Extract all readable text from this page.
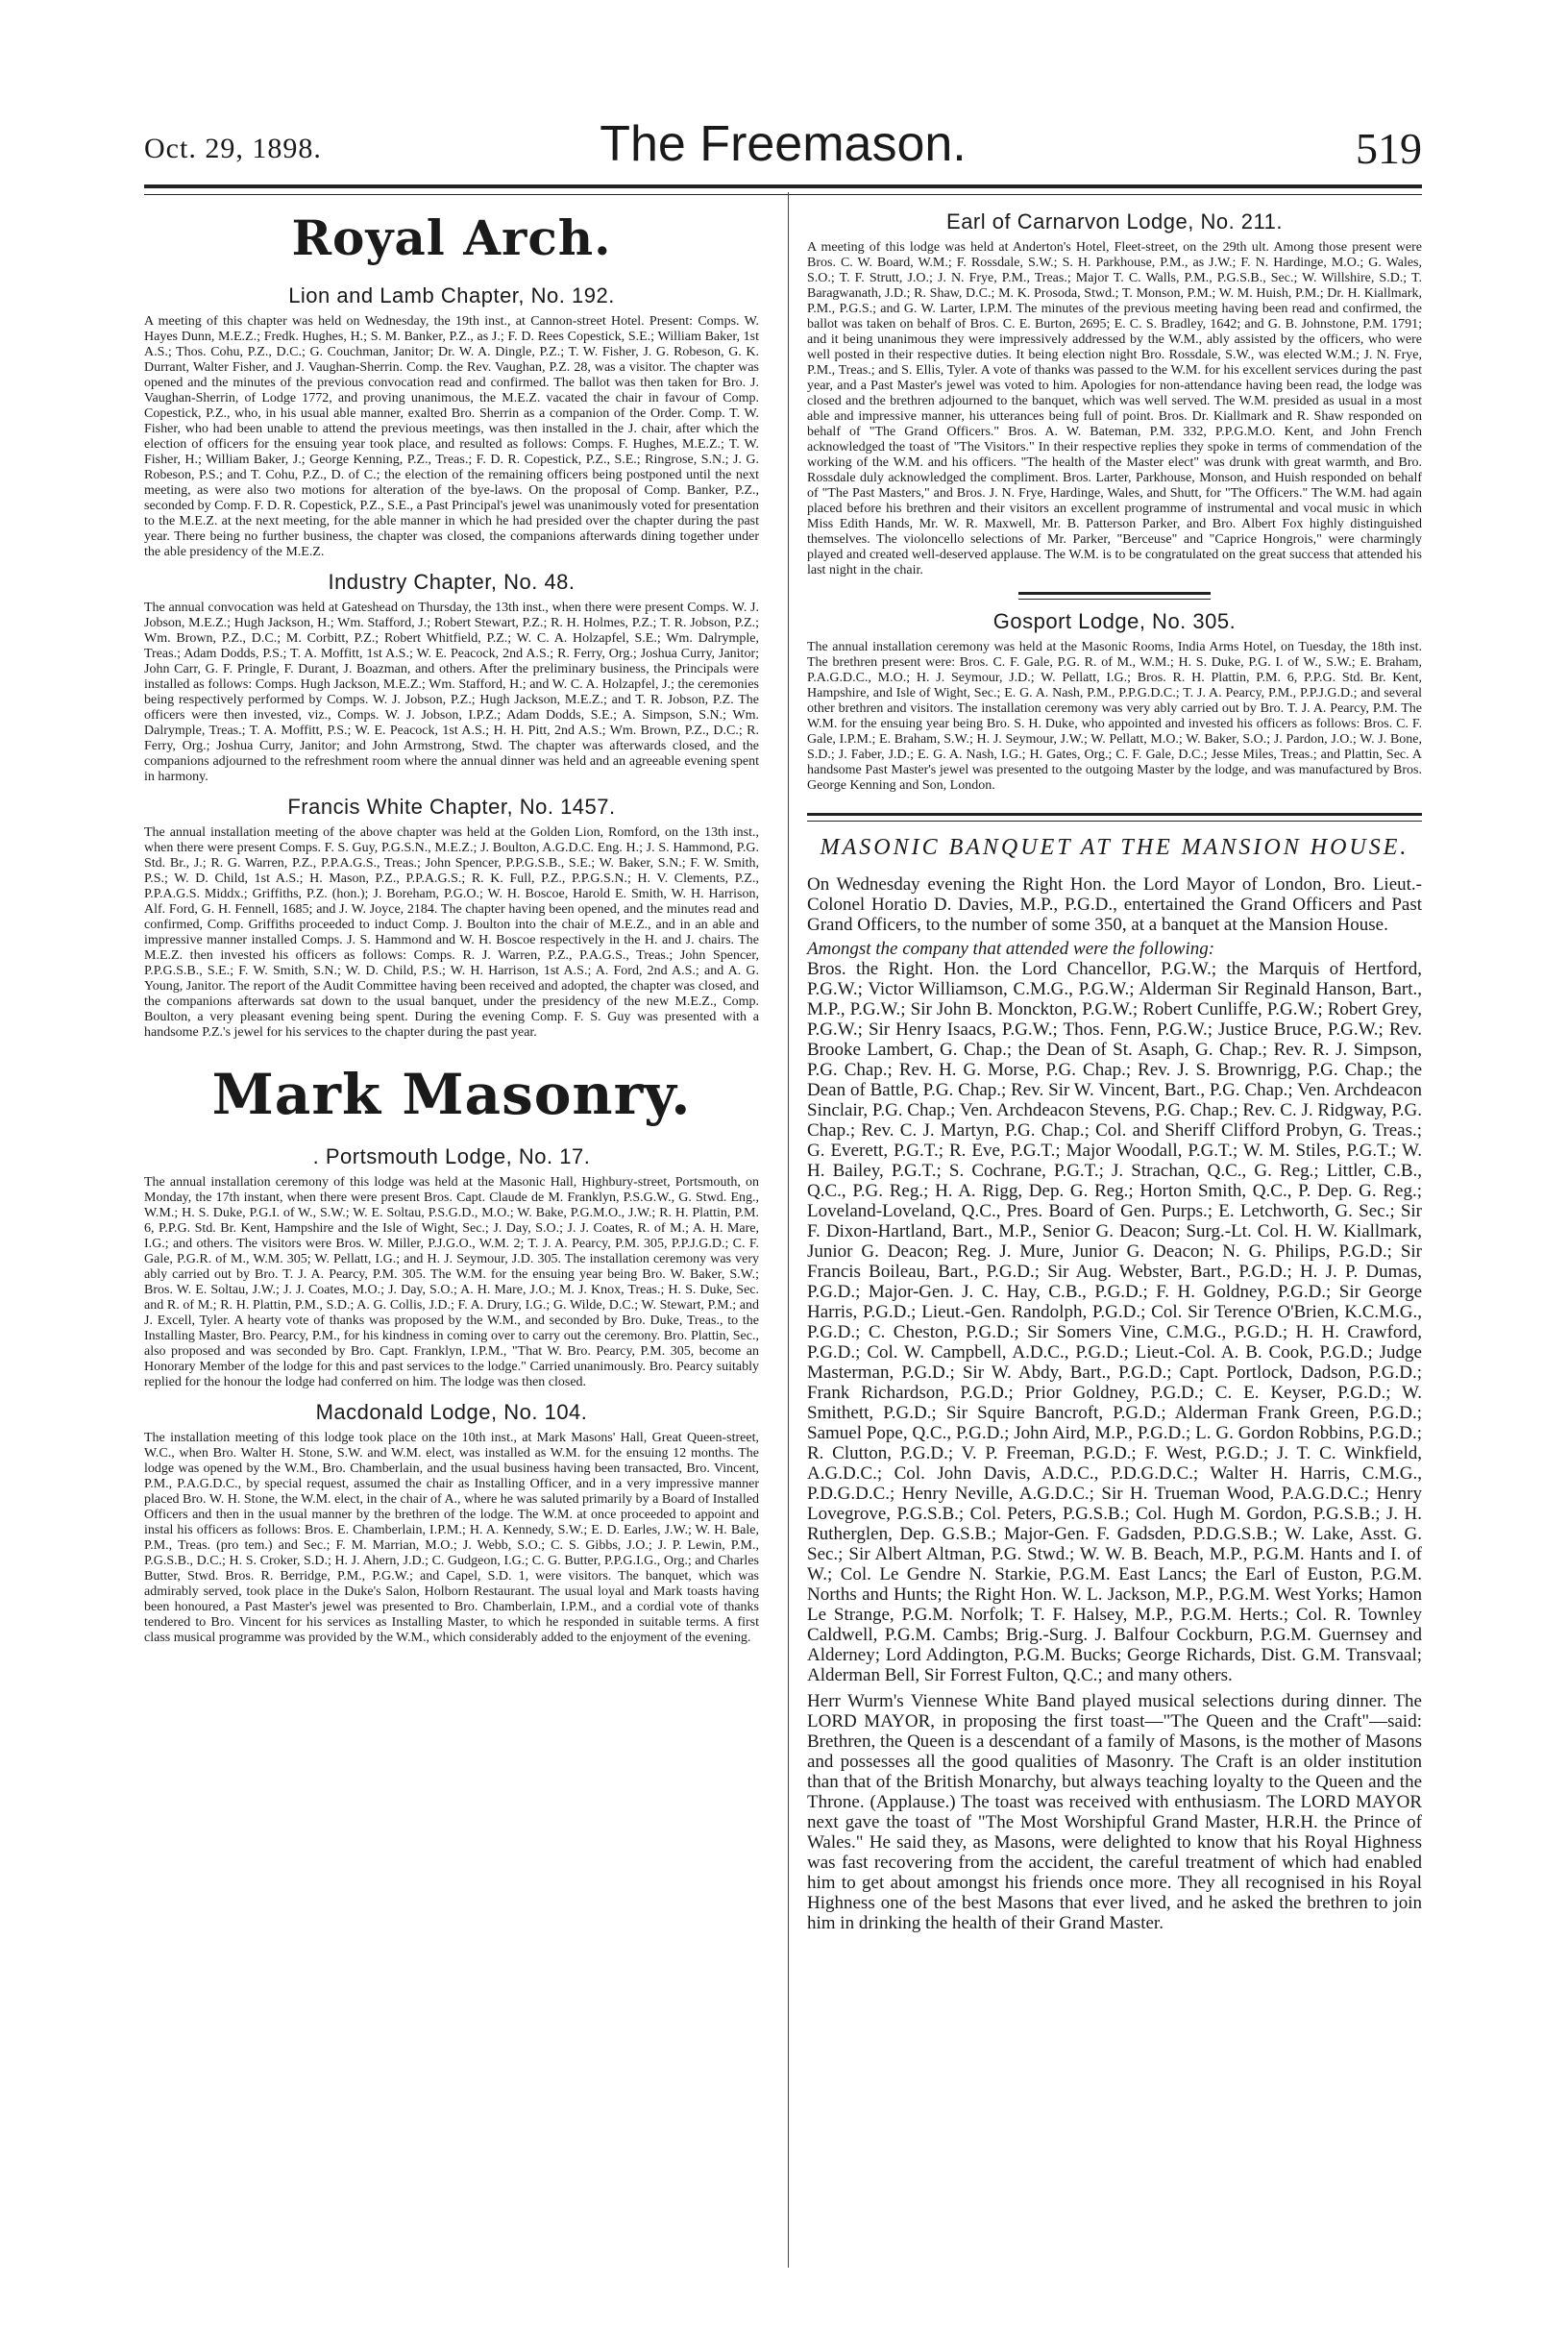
Oct. 29, 1898.	The Freemason.	519
Royal Arch.
Lion and Lamb Chapter, No. 192.

A meeting of this chapter was held on Wednesday, the 19th inst., at Cannon-street Hotel. Present: Comps. W. Hayes Dunn, M.E.Z.; Fredk. Hughes, H.; S. M. Banker, P.Z., as J.; F. D. Rees Copestick, S.E.; William Baker, 1st A.S.; Thos. Cohu, P.Z., D.C.; G. Couchman, Janitor; Dr. W. A. Dingle, P.Z.; T. W. Fisher, J. G. Robeson, G. K. Durrant, Walter Fisher, and J. Vaughan-Sherrin. Comp. the Rev. Vaughan, P.Z. 28, was a visitor. The chapter was opened and the minutes of the previous convocation read and confirmed. The ballot was then taken for Bro. J. Vaughan-Sherrin, of Lodge 1772, and proving unanimous, the M.E.Z. vacated the chair in favour of Comp. Copestick, P.Z., who, in his usual able manner, exalted Bro. Sherrin as a companion of the Order. Comp. T. W. Fisher, who had been unable to attend the previous meetings, was then installed in the J. chair, after which the election of officers for the ensuing year took place, and resulted as follows: Comps. F. Hughes, M.E.Z.; T. W. Fisher, H.; William Baker, J.; George Kenning, P.Z., Treas.; F. D. R. Copestick, P.Z., S.E.; Ringrose, S.N.; J. G. Robeson, P.S.; and T. Cohu, P.Z., D. of C.; the election of the remaining officers being postponed until the next meeting, as were also two motions for alteration of the bye-laws. On the proposal of Comp. Banker, P.Z., seconded by Comp. F. D. R. Copestick, P.Z., S.E., a Past Principal's jewel was unanimously voted for presentation to the M.E.Z. at the next meeting, for the able manner in which he had presided over the chapter during the past year. There being no further business, the chapter was closed, the companions afterwards dining together under the able presidency of the M.E.Z.

Industry Chapter, No. 48.

The annual convocation was held at Gateshead on Thursday, the 13th inst., when there were present Comps. W. J. Jobson, M.E.Z.; Hugh Jackson, H.; Wm. Stafford, J.; Robert Stewart, P.Z.; R. H. Holmes, P.Z.; T. R. Jobson, P.Z.; Wm. Brown, P.Z., D.C.; M. Corbitt, P.Z.; Robert Whitfield, P.Z.; W. C. A. Holzapfel, S.E.; Wm. Dalrymple, Treas.; Adam Dodds, P.S.; T. A. Moffitt, 1st A.S.; W. E. Peacock, 2nd A.S.; R. Ferry, Org.; Joshua Curry, Janitor; John Carr, G. F. Pringle, F. Durant, J. Boazman, and others. After the preliminary business, the Principals were installed as follows: Comps. Hugh Jackson, M.E.Z.; Wm. Stafford, H.; and W. C. A. Holzapfel, J.; the ceremonies being respectively performed by Comps. W. J. Jobson, P.Z.; Hugh Jackson, M.E.Z.; and T. R. Jobson, P.Z. The officers were then invested, viz., Comps. W. J. Jobson, I.P.Z.; Adam Dodds, S.E.; A. Simpson, S.N.; Wm. Dalrymple, Treas.; T. A. Moffitt, P.S.; W. E. Peacock, 1st A.S.; H. H. Pitt, 2nd A.S.; Wm. Brown, P.Z., D.C.; R. Ferry, Org.; Joshua Curry, Janitor; and John Armstrong, Stwd. The chapter was afterwards closed, and the companions adjourned to the refreshment room where the annual dinner was held and an agreeable evening spent in harmony.

Francis White Chapter, No. 1457.

The annual installation meeting of the above chapter was held at the Golden Lion, Romford, on the 13th inst., when there were present Comps. F. S. Guy, P.G.S.N., M.E.Z.; J. Boulton, A.G.D.C. Eng. H.; J. S. Hammond, P.G. Std. Br., J.; R. G. Warren, P.Z., P.P.A.G.S., Treas.; John Spencer, P.P.G.S.B., S.E.; W. Baker, S.N.; F. W. Smith, P.S.; W. D. Child, 1st A.S.; H. Mason, P.Z., P.P.A.G.S.; R. K. Full, P.Z., P.P.G.S.N.; H. V. Clements, P.Z., P.P.A.G.S. Middx.; Griffiths, P.Z. (hon.); J. Boreham, P.G.O.; W. H. Boscoe, Harold E. Smith, W. H. Harrison, Alf. Ford, G. H. Fennell, 1685; and J. W. Joyce, 2184. The chapter having been opened, and the minutes read and confirmed, Comp. Griffiths proceeded to induct Comp. J. Boulton into the chair of M.E.Z., and in an able and impressive manner installed Comps. J. S. Hammond and W. H. Boscoe respectively in the H. and J. chairs. The M.E.Z. then invested his officers as follows: Comps. R. J. Warren, P.Z., P.A.G.S., Treas.; John Spencer, P.P.G.S.B., S.E.; F. W. Smith, S.N.; W. D. Child, P.S.; W. H. Harrison, 1st A.S.; A. Ford, 2nd A.S.; and A. G. Young, Janitor. The report of the Audit Committee having been received and adopted, the chapter was closed, and the companions afterwards sat down to the usual banquet, under the presidency of the new M.E.Z., Comp. Boulton, a very pleasant evening being spent. During the evening Comp. F. S. Guy was presented with a handsome P.Z.'s jewel for his services to the chapter during the past year.

Mark Masonry.
. Portsmouth Lodge, No. 17.

The annual installation ceremony of this lodge was held at the Masonic Hall, Highbury-street, Portsmouth, on Monday, the 17th instant, when there were present Bros. Capt. Claude de M. Franklyn, P.S.G.W., G. Stwd. Eng., W.M.; H. S. Duke, P.G.I. of W., S.W.; W. E. Soltau, P.S.G.D., M.O.; W. Bake, P.G.M.O., J.W.; R. H. Plattin, P.M. 6, P.P.G. Std. Br. Kent, Hampshire and the Isle of Wight, Sec.; J. Day, S.O.; J. J. Coates, R. of M.; A. H. Mare, I.G.; and others. The visitors were Bros. W. Miller, P.J.G.O., W.M. 2; T. J. A. Pearcy, P.M. 305, P.P.J.G.D.; C. F. Gale, P.G.R. of M., W.M. 305; W. Pellatt, I.G.; and H. J. Seymour, J.D. 305. The installation ceremony was very ably carried out by Bro. T. J. A. Pearcy, P.M. 305. The W.M. for the ensuing year being Bro. W. Baker, S.W.; Bros. W. E. Soltau, J.W.; J. J. Coates, M.O.; J. Day, S.O.; A. H. Mare, J.O.; M. J. Knox, Treas.; H. S. Duke, Sec. and R. of M.; R. H. Plattin, P.M., S.D.; A. G. Collis, J.D.; F. A. Drury, I.G.; G. Wilde, D.C.; W. Stewart, P.M.; and J. Excell, Tyler. A hearty vote of thanks was proposed by the W.M., and seconded by Bro. Duke, Treas., to the Installing Master, Bro. Pearcy, P.M., for his kindness in coming over to carry out the ceremony. Bro. Plattin, Sec., also proposed and was seconded by Bro. Capt. Franklyn, I.P.M., "That W. Bro. Pearcy, P.M. 305, become an Honorary Member of the lodge for this and past services to the lodge." Carried unanimously. Bro. Pearcy suitably replied for the honour the lodge had conferred on him. The lodge was then closed.

Macdonald Lodge, No. 104.

The installation meeting of this lodge took place on the 10th inst., at Mark Masons' Hall, Great Queen-street, W.C., when Bro. Walter H. Stone, S.W. and W.M. elect, was installed as W.M. for the ensuing 12 months. The lodge was opened by the W.M., Bro. Chamberlain, and the usual business having been transacted, Bro. Vincent, P.M., P.A.G.D.C., by special request, assumed the chair as Installing Officer, and in a very impressive manner placed Bro. W. H. Stone, the W.M. elect, in the chair of A., where he was saluted primarily by a Board of Installed Officers and then in the usual manner by the brethren of the lodge. The W.M. at once proceeded to appoint and instal his officers as follows: Bros. E. Chamberlain, I.P.M.; H. A. Kennedy, S.W.; E. D. Earles, J.W.; W. H. Bale, P.M., Treas. (pro tem.) and Sec.; F. M. Marrian, M.O.; J. Webb, S.O.; C. S. Gibbs, J.O.; J. P. Lewin, P.M., P.G.S.B., D.C.; H. S. Croker, S.D.; H. J. Ahern, J.D.; C. Gudgeon, I.G.; C. G. Butter, P.P.G.I.G., Org.; and Charles Butter, Stwd. Bros. R. Berridge, P.M., P.G.W.; and Capel, S.D. 1, were visitors. The banquet, which was admirably served, took place in the Duke's Salon, Holborn Restaurant. The usual loyal and Mark toasts having been honoured, a Past Master's jewel was presented to Bro. Chamberlain, I.P.M., and a cordial vote of thanks tendered to Bro. Vincent for his services as Installing Master, to which he responded in suitable terms. A first class musical programme was provided by the W.M., which considerably added to the enjoyment of the evening.

Earl of Carnarvon Lodge, No. 211.

A meeting of this lodge was held at Anderton's Hotel, Fleet-street, on the 29th ult. Among those present were Bros. C. W. Board, W.M.; F. Rossdale, S.W.; S. H. Parkhouse, P.M., as J.W.; F. N. Hardinge, M.O.; G. Wales, S.O.; T. F. Strutt, J.O.; J. N. Frye, P.M., Treas.; Major T. C. Walls, P.M., P.G.S.B., Sec.; W. Willshire, S.D.; T. Baragwanath, J.D.; R. Shaw, D.C.; M. K. Prosoda, Stwd.; T. Monson, P.M.; W. M. Huish, P.M.; Dr. H. Kiallmark, P.M., P.G.S.; and G. W. Larter, I.P.M. The minutes of the previous meeting having been read and confirmed, the ballot was taken on behalf of Bros. C. E. Burton, 2695; E. C. S. Bradley, 1642; and G. B. Johnstone, P.M. 1791; and it being unanimous they were impressively addressed by the W.M., ably assisted by the officers, who were well posted in their respective duties. It being election night Bro. Rossdale, S.W., was elected W.M.; J. N. Frye, P.M., Treas.; and S. Ellis, Tyler. A vote of thanks was passed to the W.M. for his excellent services during the past year, and a Past Master's jewel was voted to him. Apologies for non-attendance having been read, the lodge was closed and the brethren adjourned to the banquet, which was well served. The W.M. presided as usual in a most able and impressive manner, his utterances being full of point. Bros. Dr. Kiallmark and R. Shaw responded on behalf of "The Grand Officers." Bros. A. W. Bateman, P.M. 332, P.P.G.M.O. Kent, and John French acknowledged the toast of "The Visitors." In their respective replies they spoke in terms of commendation of the working of the W.M. and his officers. "The health of the Master elect" was drunk with great warmth, and Bro. Rossdale duly acknowledged the compliment. Bros. Larter, Parkhouse, Monson, and Huish responded on behalf of "The Past Masters," and Bros. J. N. Frye, Hardinge, Wales, and Shutt, for "The Officers." The W.M. had again placed before his brethren and their visitors an excellent programme of instrumental and vocal music in which Miss Edith Hands, Mr. W. R. Maxwell, Mr. B. Patterson Parker, and Bro. Albert Fox highly distinguished themselves. The violoncello selections of Mr. Parker, "Berceuse" and "Caprice Hongrois," were charmingly played and created well-deserved applause. The W.M. is to be congratulated on the great success that attended his last night in the chair.

Gosport Lodge, No. 305.

The annual installation ceremony was held at the Masonic Rooms, India Arms Hotel, on Tuesday, the 18th inst. The brethren present were: Bros. C. F. Gale, P.G. R. of M., W.M.; H. S. Duke, P.G. I. of W., S.W.; E. Braham, P.A.G.D.C., M.O.; H. J. Seymour, J.D.; W. Pellatt, I.G.; Bros. R. H. Plattin, P.M. 6, P.P.G. Std. Br. Kent, Hampshire, and Isle of Wight, Sec.; E. G. A. Nash, P.M., P.P.G.D.C.; T. J. A. Pearcy, P.M., P.P.J.G.D.; and several other brethren and visitors. The installation ceremony was very ably carried out by Bro. T. J. A. Pearcy, P.M. The W.M. for the ensuing year being Bro. S. H. Duke, who appointed and invested his officers as follows: Bros. C. F. Gale, I.P.M.; E. Braham, S.W.; H. J. Seymour, J.W.; W. Pellatt, M.O.; W. Baker, S.O.; J. Pardon, J.O.; W. J. Bone, S.D.; J. Faber, J.D.; E. G. A. Nash, I.G.; H. Gates, Org.; C. F. Gale, D.C.; Jesse Miles, Treas.; and Plattin, Sec. A handsome Past Master's jewel was presented to the outgoing Master by the lodge, and was manufactured by Bros. George Kenning and Son, London.

MASONIC BANQUET AT THE MANSION HOUSE.

On Wednesday evening the Right Hon. the Lord Mayor of London, Bro. Lieut.-Colonel Horatio D. Davies, M.P., P.G.D., entertained the Grand Officers and Past Grand Officers, to the number of some 350, at a banquet at the Mansion House.

Amongst the company that attended were the following:

Bros. the Right. Hon. the Lord Chancellor, P.G.W.; the Marquis of Hertford, P.G.W.; Victor Williamson, C.M.G., P.G.W.; Alderman Sir Reginald Hanson, Bart., M.P., P.G.W.; Sir John B. Monckton, P.G.W.; Robert Cunliffe, P.G.W.; Robert Grey, P.G.W.; Sir Henry Isaacs, P.G.W.; Thos. Fenn, P.G.W.; Justice Bruce, P.G.W.; Rev. Brooke Lambert, G. Chap.; the Dean of St. Asaph, G. Chap.; Rev. R. J. Simpson, P.G. Chap.; Rev. H. G. Morse, P.G. Chap.; Rev. J. S. Brownrigg, P.G. Chap.; the Dean of Battle, P.G. Chap.; Rev. Sir W. Vincent, Bart., P.G. Chap.; Ven. Archdeacon Sinclair, P.G. Chap.; Ven. Archdeacon Stevens, P.G. Chap.; Rev. C. J. Ridgway, P.G. Chap.; Rev. C. J. Martyn, P.G. Chap.; Col. and Sheriff Clifford Probyn, G. Treas.; G. Everett, P.G.T.; R. Eve, P.G.T.; Major Woodall, P.G.T.; W. M. Stiles, P.G.T.; W. H. Bailey, P.G.T.; S. Cochrane, P.G.T.; J. Strachan, Q.C., G. Reg.; Littler, C.B., Q.C., P.G. Reg.; H. A. Rigg, Dep. G. Reg.; Horton Smith, Q.C., P. Dep. G. Reg.; Loveland-Loveland, Q.C., Pres. Board of Gen. Purps.; E. Letchworth, G. Sec.; Sir F. Dixon-Hartland, Bart., M.P., Senior G. Deacon; Surg.-Lt. Col. H. W. Kiallmark, Junior G. Deacon; Reg. J. Mure, Junior G. Deacon; N. G. Philips, P.G.D.; Sir Francis Boileau, Bart., P.G.D.; Sir Aug. Webster, Bart., P.G.D.; H. J. P. Dumas, P.G.D.; Major-Gen. J. C. Hay, C.B., P.G.D.; F. H. Goldney, P.G.D.; Sir George Harris, P.G.D.; Lieut.-Gen. Randolph, P.G.D.; Col. Sir Terence O'Brien, K.C.M.G., P.G.D.; C. Cheston, P.G.D.; Sir Somers Vine, C.M.G., P.G.D.; H. H. Crawford, P.G.D.; Col. W. Campbell, A.D.C., P.G.D.; Lieut.-Col. A. B. Cook, P.G.D.; Judge Masterman, P.G.D.; Sir W. Abdy, Bart., P.G.D.; Capt. Portlock, Dadson, P.G.D.; Frank Richardson, P.G.D.; Prior Goldney, P.G.D.; C. E. Keyser, P.G.D.; W. Smithett, P.G.D.; Sir Squire Bancroft, P.G.D.; Alderman Frank Green, P.G.D.; Samuel Pope, Q.C., P.G.D.; John Aird, M.P., P.G.D.; L. G. Gordon Robbins, P.G.D.; R. Clutton, P.G.D.; V. P. Freeman, P.G.D.; F. West, P.G.D.; J. T. C. Winkfield, A.G.D.C.; Col. John Davis, A.D.C., P.D.G.D.C.; Walter H. Harris, C.M.G., P.D.G.D.C.; Henry Neville, A.G.D.C.; Sir H. Trueman Wood, P.A.G.D.C.; Henry Lovegrove, P.G.S.B.; Col. Peters, P.G.S.B.; Col. Hugh M. Gordon, P.G.S.B.; J. H. Rutherglen, Dep. G.S.B.; Major-Gen. F. Gadsden, P.D.G.S.B.; W. Lake, Asst. G. Sec.; Sir Albert Altman, P.G. Stwd.; W. W. B. Beach, M.P., P.G.M. Hants and I. of W.; Col. Le Gendre N. Starkie, P.G.M. East Lancs; the Earl of Euston, P.G.M. Norths and Hunts; the Right Hon. W. L. Jackson, M.P., P.G.M. West Yorks; Hamon Le Strange, P.G.M. Norfolk; T. F. Halsey, M.P., P.G.M. Herts.; Col. R. Townley Caldwell, P.G.M. Cambs; Brig.-Surg. J. Balfour Cockburn, P.G.M. Guernsey and Alderney; Lord Addington, P.G.M. Bucks; George Richards, Dist. G.M. Transvaal; Alderman Bell, Sir Forrest Fulton, Q.C.; and many others.

Herr Wurm's Viennese White Band played musical selections during dinner. The LORD MAYOR, in proposing the first toast—"The Queen and the Craft"—said: Brethren, the Queen is a descendant of a family of Masons, is the mother of Masons and possesses all the good qualities of Masonry. The Craft is an older institution than that of the British Monarchy, but always teaching loyalty to the Queen and the Throne. (Applause.) The toast was received with enthusiasm. The LORD MAYOR next gave the toast of "The Most Worshipful Grand Master, H.R.H. the Prince of Wales." He said they, as Masons, were delighted to know that his Royal Highness was fast recovering from the accident, the careful treatment of which had enabled him to get about amongst his friends once more. They all recognised in his Royal Highness one of the best Masons that ever lived, and he asked the brethren to join him in drinking the health of their Grand Master.
